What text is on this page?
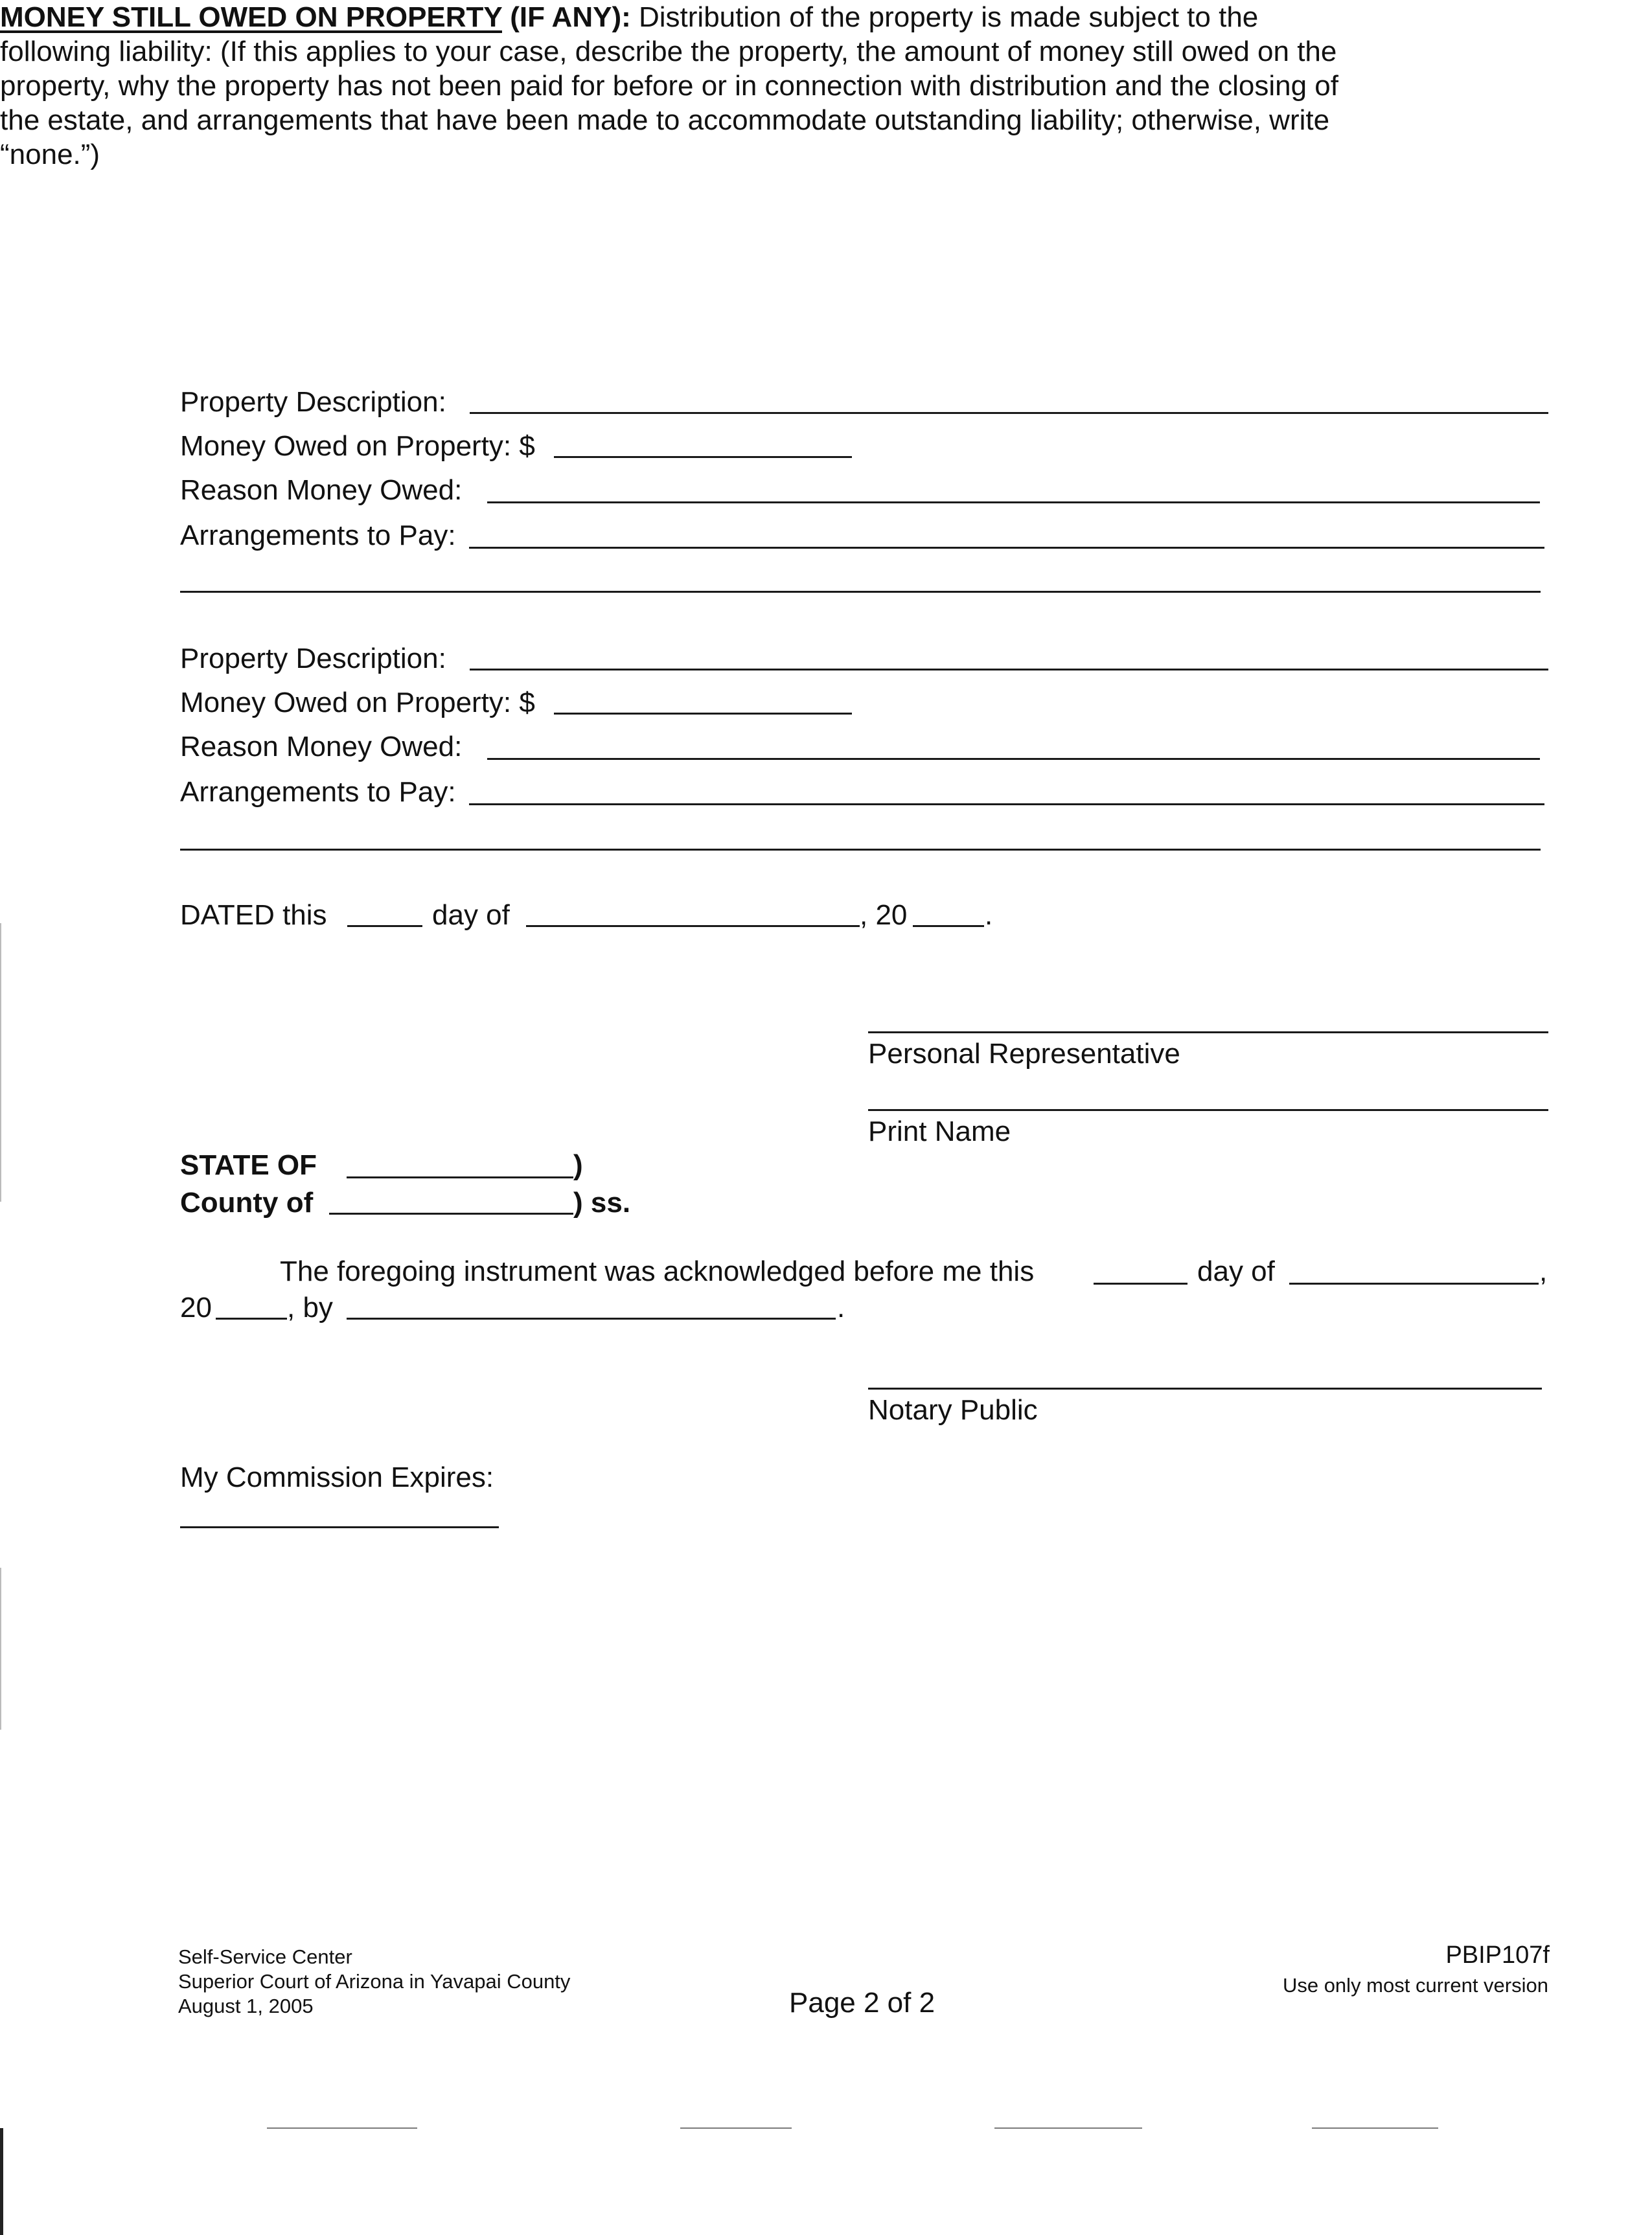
MONEY STILL OWED ON PROPERTY (IF ANY): Distribution of the property is made subject to the following liability: (If this applies to your case, describe the property, the amount of money still owed on the property, why the property has not been paid for before or in connection with distribution and the closing of the estate, and arrangements that have been made to accommodate outstanding liability; otherwise, write “none.”)
Property Description:
Money Owed on Property: $
Reason Money Owed:
Arrangements to Pay:
Property Description:
Money Owed on Property: $
Reason Money Owed:
Arrangements to Pay:
DATED this	day of	, 20	.
Personal Representative
Print Name
STATE OF	)
County of	) ss.
The foregoing instrument was acknowledged before me this	day of	,
20	, by	.
Notary Public
My Commission Expires:
Self-Service Center
Superior Court of Arizona in Yavapai County
August 1, 2005	Page 2 of 2
PBIP107f
Use only most current version
